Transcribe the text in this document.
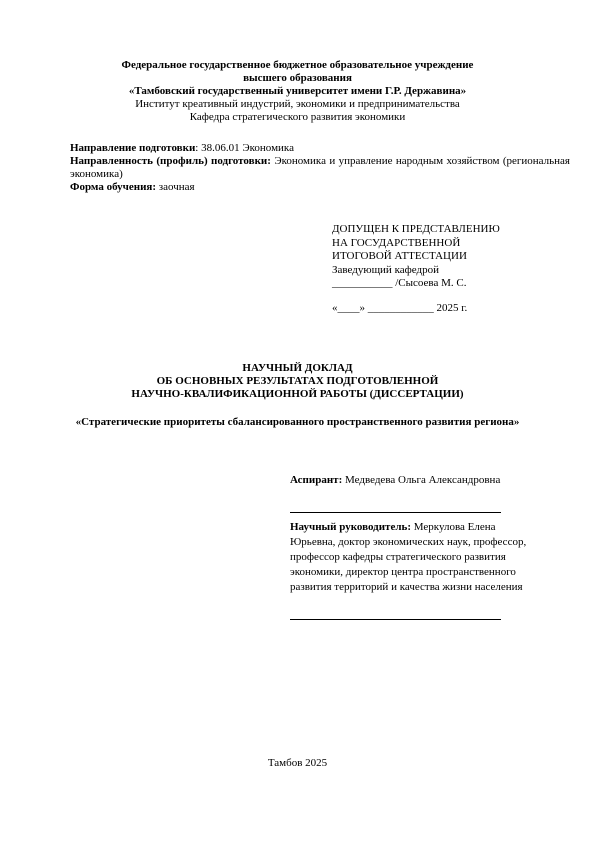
Федеральное государственное бюджетное образовательное учреждение
высшего образования
«Тамбовский государственный университет имени Г.Р. Державина»
Институт креативный индустрий, экономики и предпринимательства
Кафедра стратегического развития экономики
Направление подготовки: 38.06.01 Экономика
Направленность (профиль) подготовки: Экономика и управление народным хозяйством (региональная экономика)
Форма обучения: заочная
ДОПУЩЕН К ПРЕДСТАВЛЕНИЮ
НА ГОСУДАРСТВЕННОЙ
ИТОГОВОЙ АТТЕСТАЦИИ
Заведующий кафедрой
___________ /Сысоева М. С.
«____» ____________ 2025 г.
НАУЧНЫЙ ДОКЛАД
ОБ ОСНОВНЫХ РЕЗУЛЬТАТАХ ПОДГОТОВЛЕННОЙ
НАУЧНО-КВАЛИФИКАЦИОННОЙ РАБОТЫ (ДИССЕРТАЦИИ)
«Стратегические приоритеты сбалансированного пространственного развития региона»
Аспирант: Медведева Ольга Александровна
Научный руководитель: Меркулова Елена
Юрьевна, доктор экономических наук, профессор,
профессор кафедры стратегического развития
экономики, директор центра пространственного
развития территорий и качества жизни населения
Тамбов 2025
